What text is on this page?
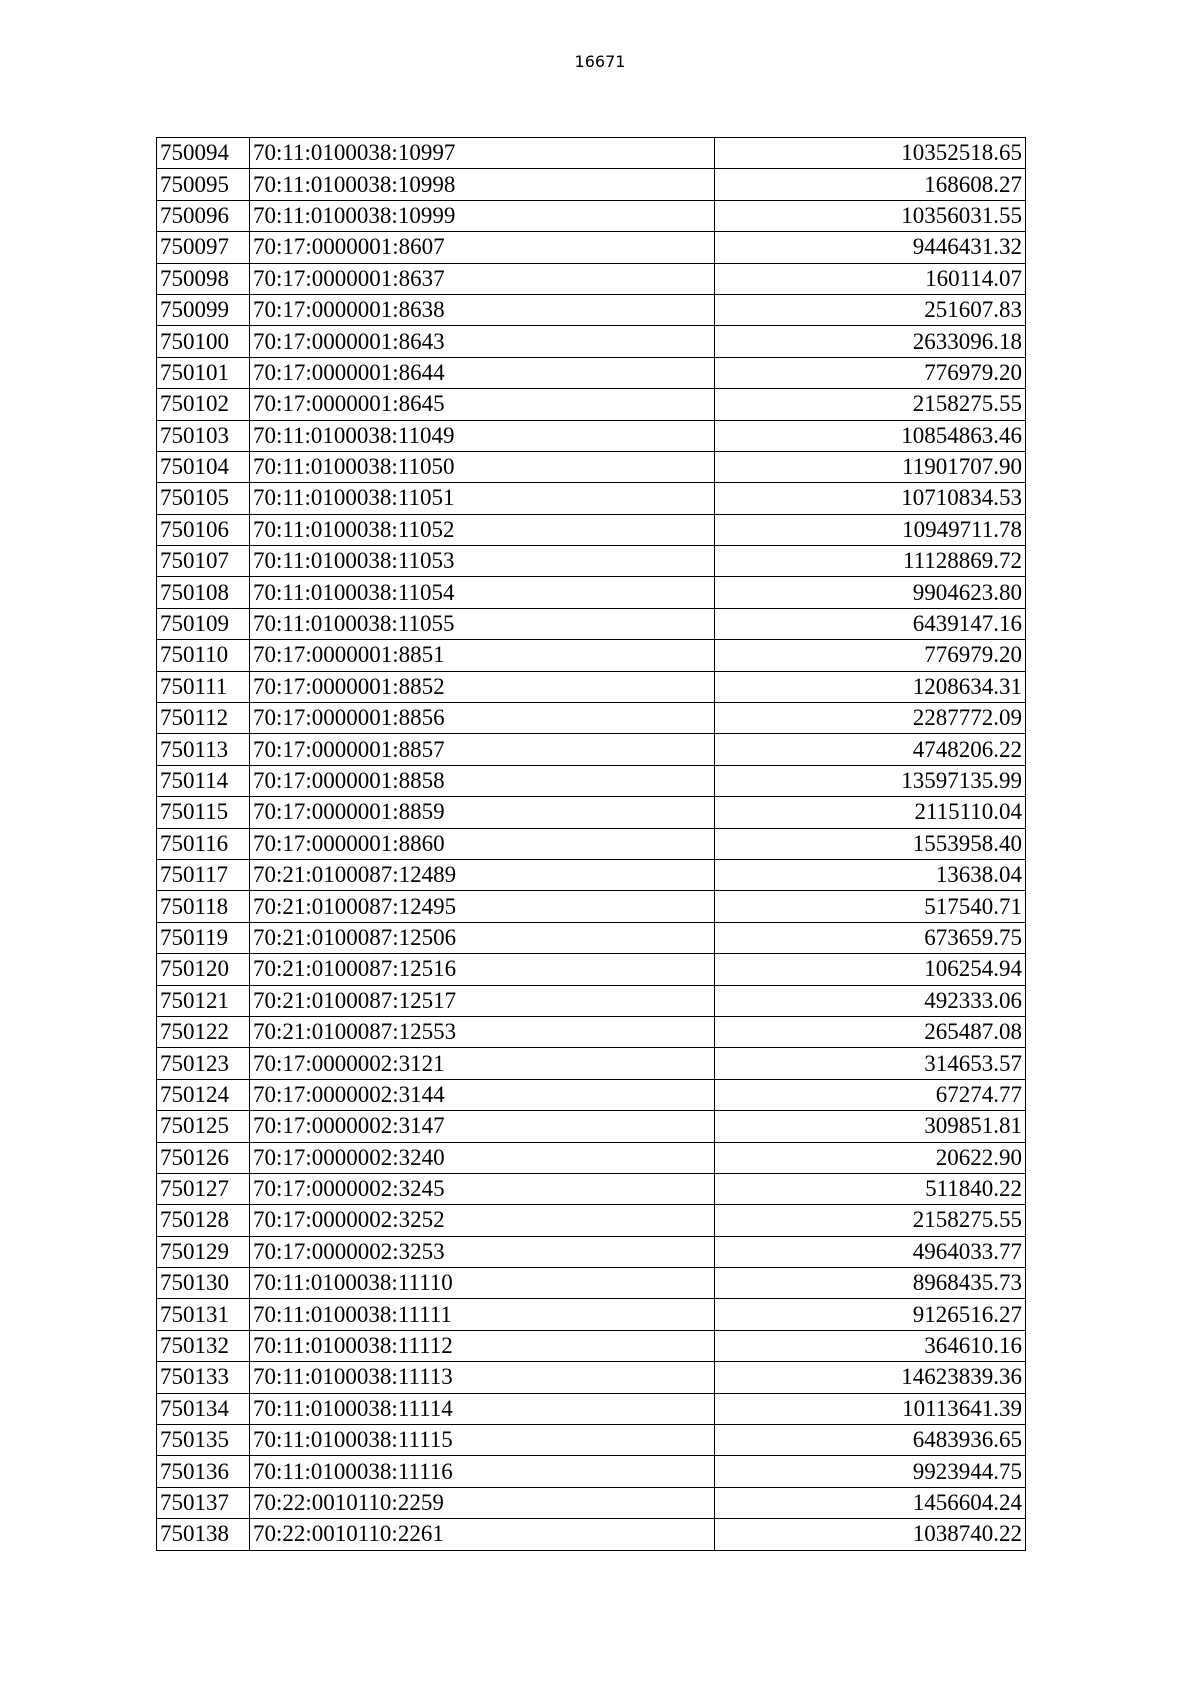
16671
750094	70:11:0100038:10997	10352518.65
750095	70:11:0100038:10998	168608.27
750096	70:11:0100038:10999	10356031.55
750097	70:17:0000001:8607	9446431.32
750098	70:17:0000001:8637	160114.07
750099	70:17:0000001:8638	251607.83
750100	70:17:0000001:8643	2633096.18
750101	70:17:0000001:8644	776979.20
750102	70:17:0000001:8645	2158275.55
750103	70:11:0100038:11049	10854863.46
750104	70:11:0100038:11050	11901707.90
750105	70:11:0100038:11051	10710834.53
750106	70:11:0100038:11052	10949711.78
750107	70:11:0100038:11053	11128869.72
750108	70:11:0100038:11054	9904623.80
750109	70:11:0100038:11055	6439147.16
750110	70:17:0000001:8851	776979.20
750111	70:17:0000001:8852	1208634.31
750112	70:17:0000001:8856	2287772.09
750113	70:17:0000001:8857	4748206.22
750114	70:17:0000001:8858	13597135.99
750115	70:17:0000001:8859	2115110.04
750116	70:17:0000001:8860	1553958.40
750117	70:21:0100087:12489	13638.04
750118	70:21:0100087:12495	517540.71
750119	70:21:0100087:12506	673659.75
750120	70:21:0100087:12516	106254.94
750121	70:21:0100087:12517	492333.06
750122	70:21:0100087:12553	265487.08
750123	70:17:0000002:3121	314653.57
750124	70:17:0000002:3144	67274.77
750125	70:17:0000002:3147	309851.81
750126	70:17:0000002:3240	20622.90
750127	70:17:0000002:3245	511840.22
750128	70:17:0000002:3252	2158275.55
750129	70:17:0000002:3253	4964033.77
750130	70:11:0100038:11110	8968435.73
750131	70:11:0100038:11111	9126516.27
750132	70:11:0100038:11112	364610.16
750133	70:11:0100038:11113	14623839.36
750134	70:11:0100038:11114	10113641.39
750135	70:11:0100038:11115	6483936.65
750136	70:11:0100038:11116	9923944.75
750137	70:22:0010110:2259	1456604.24
750138	70:22:0010110:2261	1038740.22
